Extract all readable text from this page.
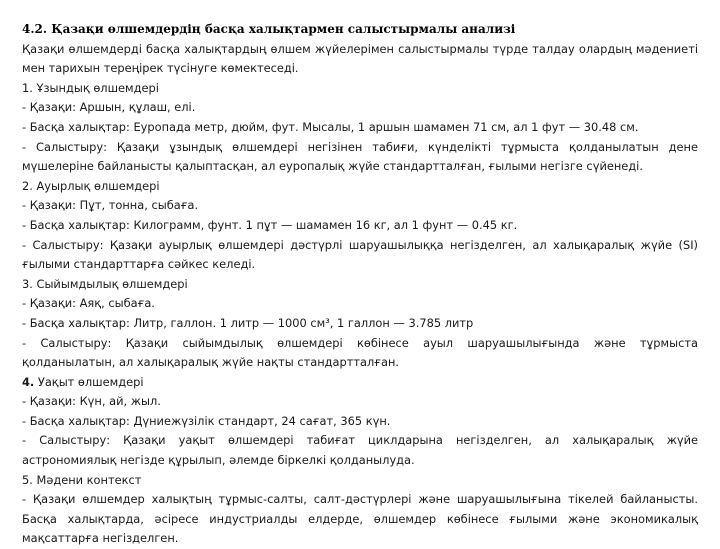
4.2. Қазақи өлшемдердің басқа халықтармен салыстырмалы анализі

Қазақи өлшемдерді басқа халықтардың өлшем жүйелерімен салыстырмалы түрде талдау олардың мәдениеті мен тарихын тереңірек түсінуге көмектеседі.

1. Ұзындық өлшемдері

- Қазақи: Аршын, құлаш, елі.

- Басқа халықтар: Еуропада метр, дюйм, фут. Мысалы, 1 аршын шамамен 71 см, ал 1 фут — 30.48 см.

- Салыстыру: Қазақи ұзындық өлшемдері негізінен табиғи, күнделікті тұрмыста қолданылатын дене мүшелеріне байланысты қалыптасқан, ал еуропалық жүйе стандартталған, ғылыми негізге сүйенеді.

2. Ауырлық өлшемдері

- Қазақи: Пұт, тонна, сыбаға.

- Басқа халықтар: Килограмм, фунт. 1 пұт — шамамен 16 кг, ал 1 фунт — 0.45 кг.

- Салыстыру: Қазақи ауырлық өлшемдері дәстүрлі шаруашылыққа негізделген, ал халықаралық жүйе (SI) ғылыми стандарттарға сәйкес келеді.

3. Сыйымдылық өлшемдері

- Қазақи: Аяқ, сыбаға.

- Басқа халықтар: Литр, галлон. 1 литр — 1000 см³, 1 галлон — 3.785 литр

- Салыстыру: Қазақи сыйымдылық өлшемдері көбінесе ауыл шаруашылығында және тұрмыста қолданылатын, ал халықаралық жүйе нақты стандартталған.

4. Уақыт өлшемдері

- Қазақи: Күн, ай, жыл.

- Басқа халықтар: Дүниежүзілік стандарт, 24 сағат, 365 күн.

- Салыстыру: Қазақи уақыт өлшемдері табиғат циклдарына негізделген, ал халықаралық жүйе астрономиялық негізде құрылып, әлемде біркелкі қолданылуда.

5. Мәдени контекст

- Қазақи өлшемдер халықтың тұрмыс-салты, салт-дәстүрлері және шаруашылығына тікелей байланысты. Басқа халықтарда, әсіресе индустриалды елдерде, өлшемдер көбінесе ғылыми және экономикалық мақсаттарға негізделген.
